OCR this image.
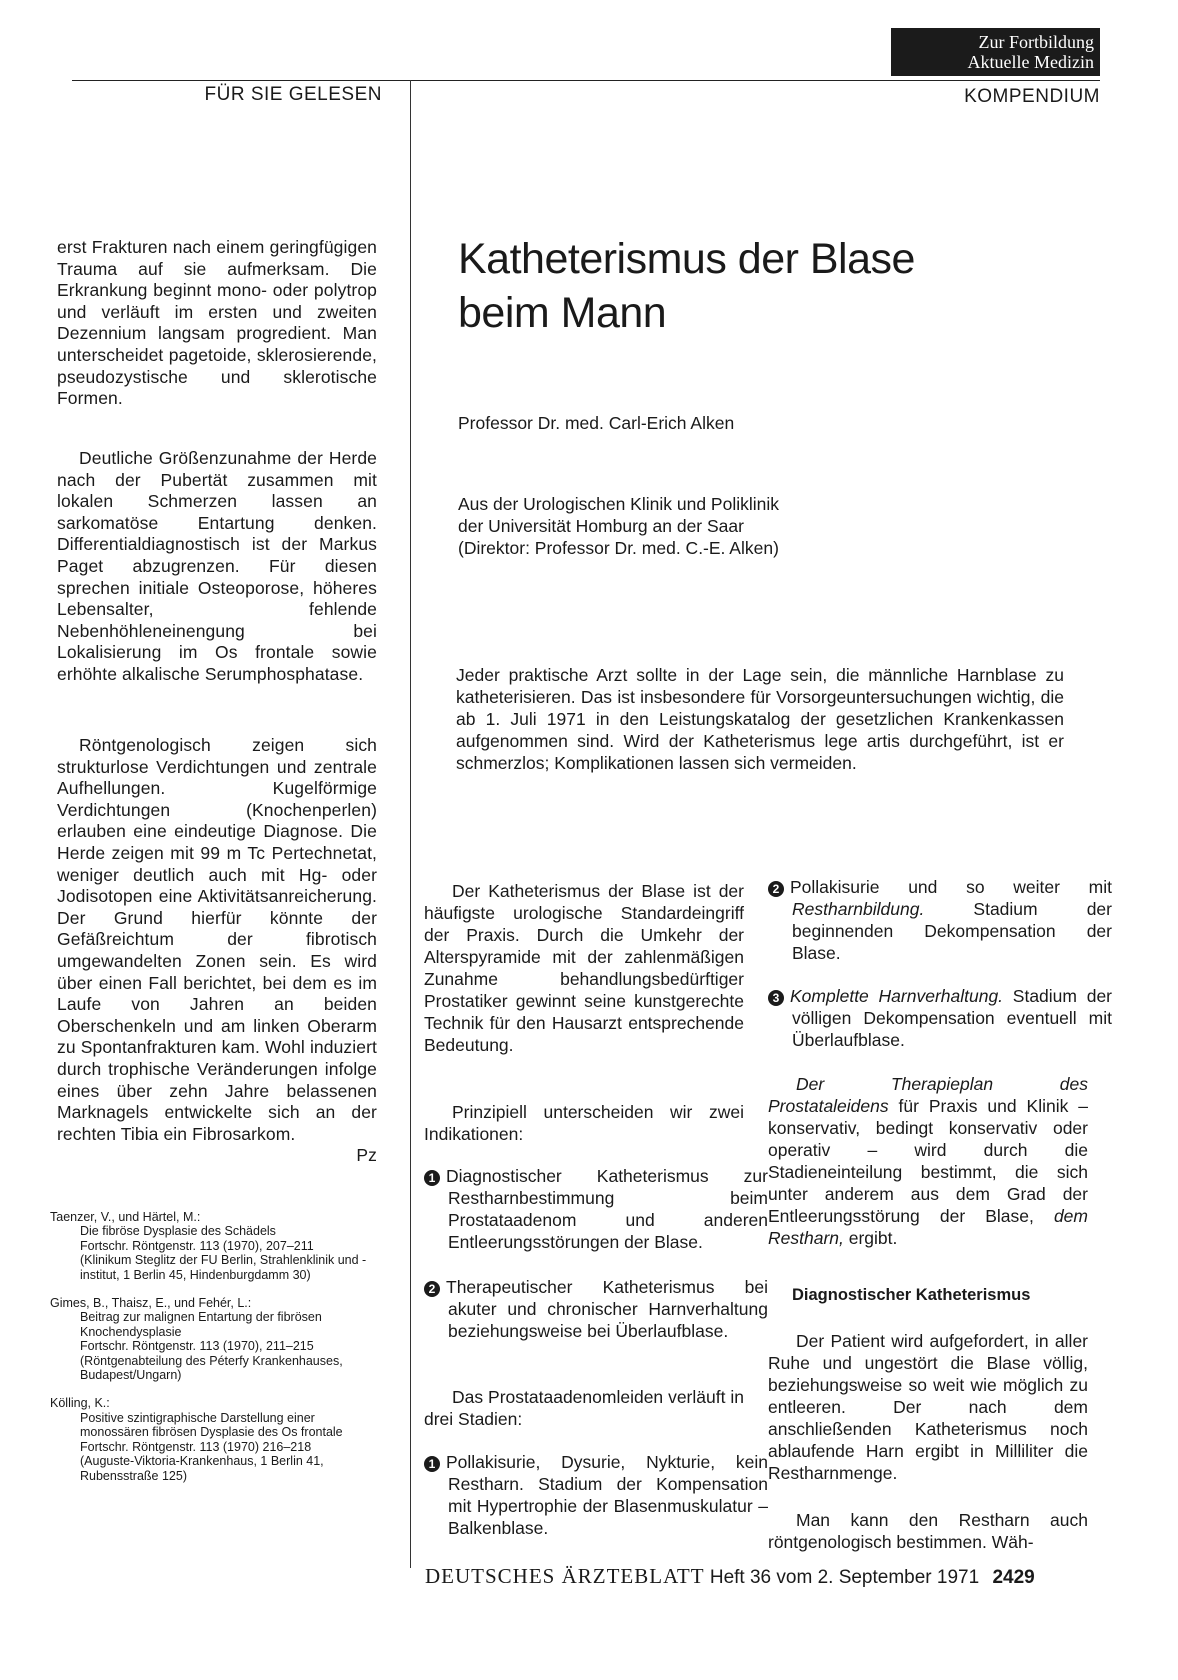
Zur Fortbildung
Aktuelle Medizin
FÜR SIE GELESEN	KOMPENDIUM

erst Frakturen nach einem geringfügigen Trauma auf sie aufmerksam. Die Erkrankung beginnt mono- oder polytrop und verläuft im ersten und zweiten Dezennium langsam progredient. Man unterscheidet pagetoide, sklerosierende, pseudozystische und sklerotische Formen.

Deutliche Größenzunahme der Herde nach der Pubertät zusammen mit lokalen Schmerzen lassen an sarkomatöse Entartung denken. Differentialdiagnostisch ist der Markus Paget abzugrenzen. Für diesen sprechen initiale Osteoporose, höheres Lebensalter, fehlende Nebenhöhleneinengung bei Lokalisierung im Os frontale sowie erhöhte alkalische Serumphosphatase.

Röntgenologisch zeigen sich strukturlose Verdichtungen und zentrale Aufhellungen. Kugelförmige Verdichtungen (Knochenperlen) erlauben eine eindeutige Diagnose. Die Herde zeigen mit 99 m Tc Pertechnetat, weniger deutlich auch mit Hg- oder Jodisotopen eine Aktivitätsanreicherung. Der Grund hierfür könnte der Gefäßreichtum der fibrotisch umgewandelten Zonen sein. Es wird über einen Fall berichtet, bei dem es im Laufe von Jahren an beiden Oberschenkeln und am linken Oberarm zu Spontanfrakturen kam. Wohl induziert durch trophische Veränderungen infolge eines über zehn Jahre belassenen Marknagels entwickelte sich an der rechten Tibia ein Fibrosarkom.
Pz

Taenzer, V., und Härtel, M.:
Die fibröse Dysplasie des Schädels
Fortschr. Röntgenstr. 113 (1970), 207–211
(Klinikum Steglitz der FU Berlin, Strahlenklinik und -institut, 1 Berlin 45, Hindenburgdamm 30)
Gimes, B., Thaisz, E., und Fehér, L.:
Beitrag zur malignen Entartung der fibrösen Knochendysplasie
Fortschr. Röntgenstr. 113 (1970), 211–215
(Röntgenabteilung des Péterfy Krankenhauses, Budapest/Ungarn)
Kölling, K.:
Positive szintigraphische Darstellung einer monossären fibrösen Dysplasie des Os frontale
Fortschr. Röntgenstr. 113 (1970) 216–218
(Auguste-Viktoria-Krankenhaus, 1 Berlin 41, Rubensstraße 125)
Katheterismus der Blase
beim Mann
Professor Dr. med. Carl-Erich Alken
Aus der Urologischen Klinik und Poliklinik
der Universität Homburg an der Saar
(Direktor: Professor Dr. med. C.-E. Alken)

Jeder praktische Arzt sollte in der Lage sein, die männliche Harnblase zu katheterisieren. Das ist insbesondere für Vorsorgeuntersuchungen wichtig, die ab 1. Juli 1971 in den Leistungskatalog der gesetzlichen Krankenkassen aufgenommen sind. Wird der Katheterismus lege artis durchgeführt, ist er schmerzlos; Komplikationen lassen sich vermeiden.

Der Katheterismus der Blase ist der häufigste urologische Standardeingriff der Praxis. Durch die Umkehr der Alterspyramide mit der zahlenmäßigen Zunahme behandlungsbedürftiger Prostatiker gewinnt seine kunstgerechte Technik für den Hausarzt entsprechende Bedeutung.

Prinzipiell unterscheiden wir zwei Indikationen:

1 Diagnostischer Katheterismus zur Restharnbestimmung beim Prostataadenom und anderen Entleerungsstörungen der Blase.

2 Therapeutischer Katheterismus bei akuter und chronischer Harnverhaltung beziehungsweise bei Überlaufblase.

Das Prostataadenomleiden verläuft in drei Stadien:

1 Pollakisurie, Dysurie, Nykturie, kein Restharn. Stadium der Kompensation mit Hypertrophie der Blasenmuskulatur – Balkenblase.

2 Pollakisurie und so weiter mit Restharnbildung. Stadium der beginnenden Dekompensation der Blase.

3 Komplette Harnverhaltung. Stadium der völligen Dekompensation eventuell mit Überlaufblase.

Der Therapieplan des Prostataleidens für Praxis und Klinik – konservativ, bedingt konservativ oder operativ – wird durch die Stadieneinteilung bestimmt, die sich unter anderem aus dem Grad der Entleerungsstörung der Blase, dem Restharn, ergibt.

Diagnostischer Katheterismus

Der Patient wird aufgefordert, in aller Ruhe und ungestört die Blase völlig, beziehungsweise so weit wie möglich zu entleeren. Der nach dem anschließenden Katheterismus noch ablaufende Harn ergibt in Milliliter die Restharnmenge.

Man kann den Restharn auch röntgenologisch bestimmen. Wäh-

DEUTSCHES ÄRZTEBLATT Heft 36 vom 2. September 1971 2429
